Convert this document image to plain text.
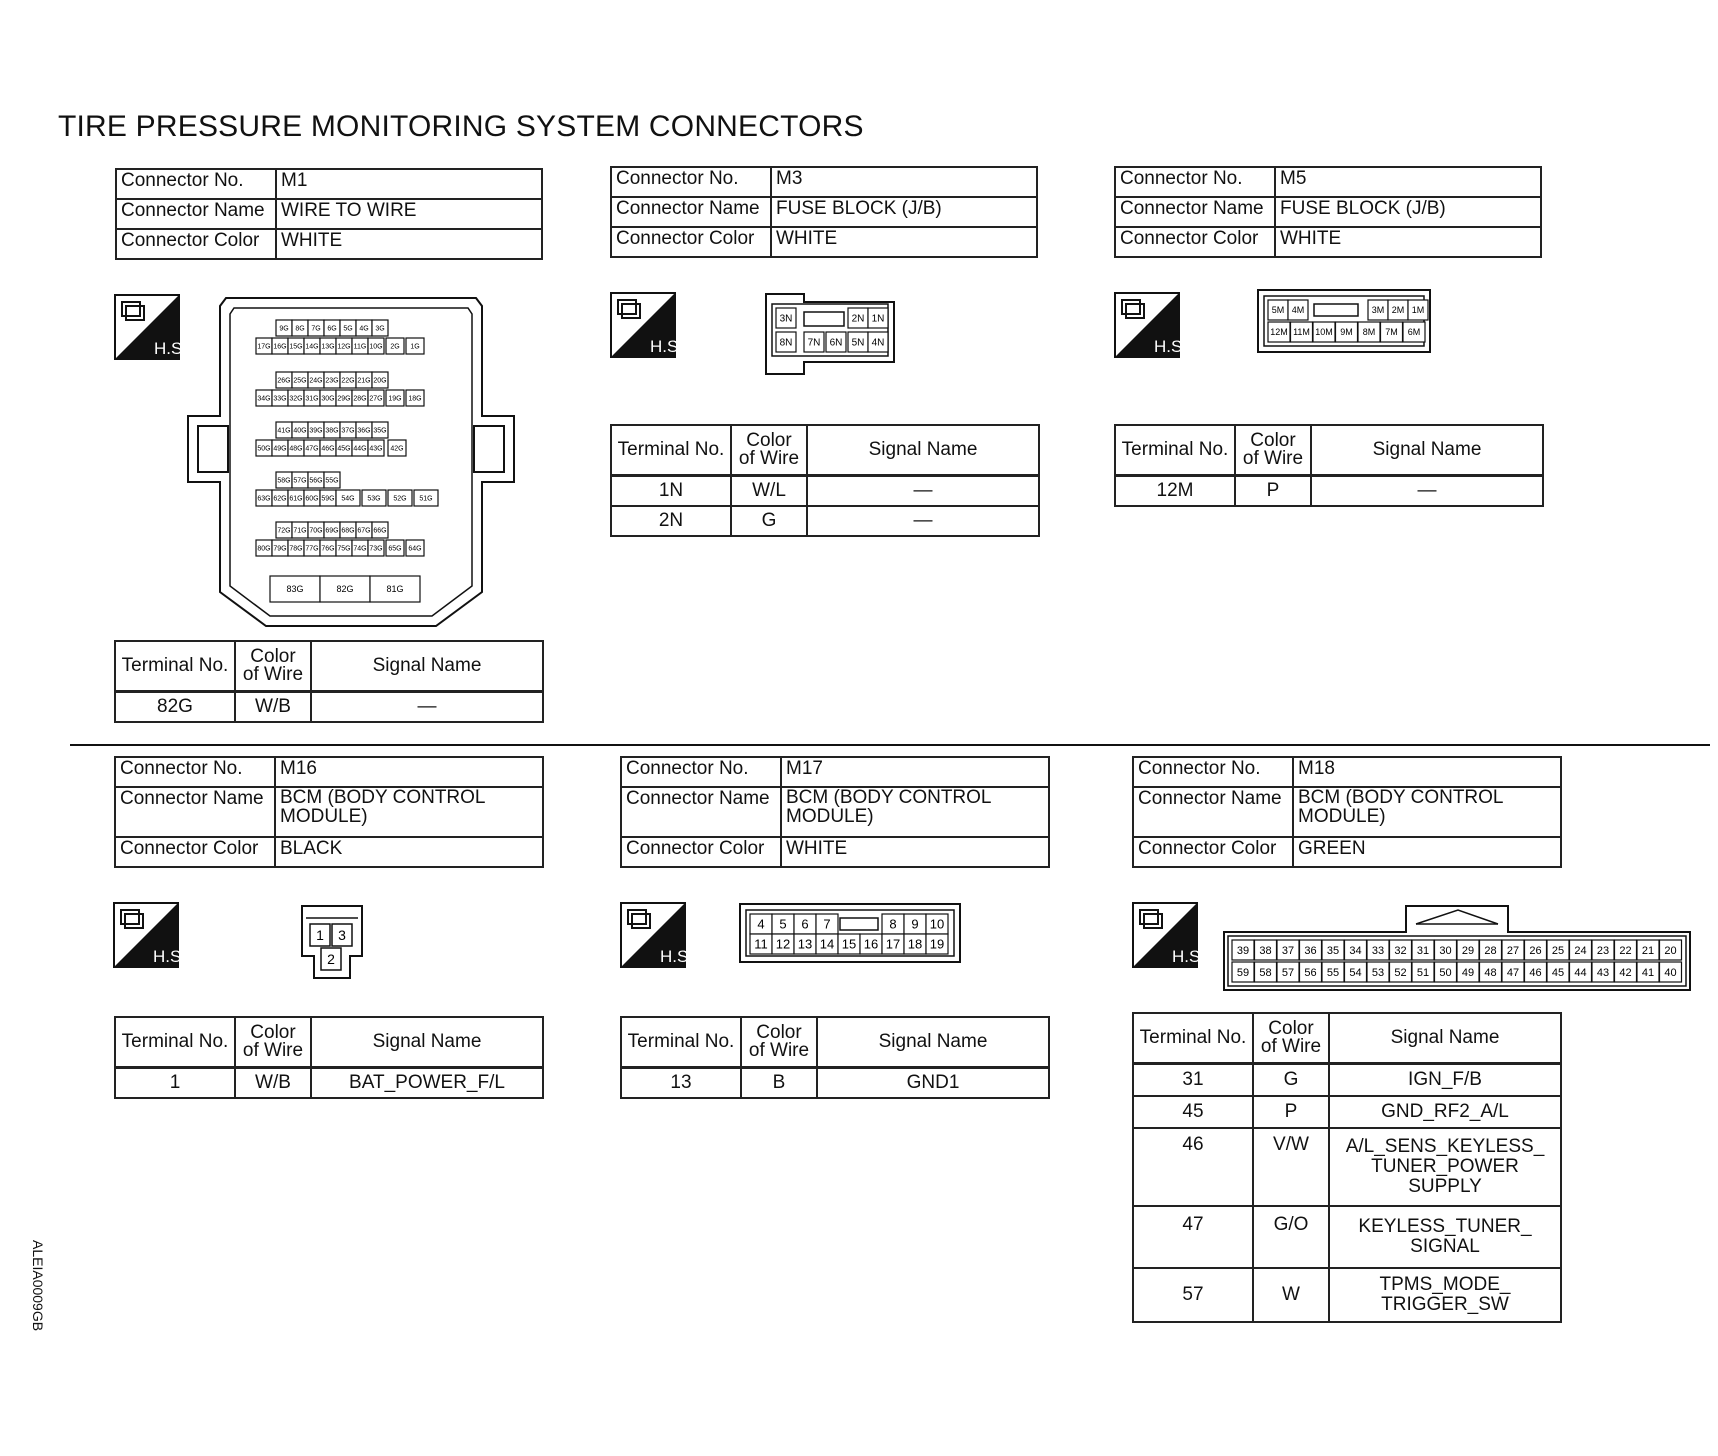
TIRE PRESSURE MONITORING SYSTEM CONNECTORS
ALEIA0009GB
Connector No.	M1
Connector Name	WIRE TO WIRE
Connector Color	WHITE
H.S.
9G 8G 7G 6G 5G 4G 3G
17G 16G 15G 14G 13G 12G 11G 10G 2G 1G
26G 25G 24G 23G 22G 21G 20G
34G 33G 32G 31G 30G 29G 28G 27G 19G 18G
41G 40G 39G 38G 37G 36G 35G
50G 49G 48G 47G 46G 45G 44G 43G 42G
58G 57G 56G 55G
63G 62G 61G 60G 59G 54G 53G 52G 51G
72G 71G 70G 69G 68G 67G 66G
80G 79G 78G 77G 76G 75G 74G 73G 65G 64G
83G	82G	81G
Terminal No.	Color of Wire	Signal Name
82G	W/B	—
Connector No.	M3
Connector Name	FUSE BLOCK (J/B)
Connector Color	WHITE
H.S.
3N	2N 1N
8N 7N 6N 5N 4N
Terminal No.	Color of Wire	Signal Name
1N	W/L	—
2N	G	—
Connector No.	M5
Connector Name	FUSE BLOCK (J/B)
Connector Color	WHITE
H.S.
5M 4M	3M 2M 1M
12M 11M 10M 9M 8M 7M 6M
Terminal No.	Color of Wire	Signal Name
12M	P	—
Connector No.	M16
Connector Name	BCM (BODY CONTROL MODULE)
Connector Color	BLACK
H.S.
1 3
2
Terminal No.	Color of Wire	Signal Name
1	W/B	BAT_POWER_F/L
Connector No.	M17
Connector Name	BCM (BODY CONTROL MODULE)
Connector Color	WHITE
H.S.
4 5 6 7	8 9 10
11 12 13 14 15 16 17 18 19
Terminal No.	Color of Wire	Signal Name
13	B	GND1
Connector No.	M18
Connector Name	BCM (BODY CONTROL MODULE)
Connector Color	GREEN
H.S.	39 38 37 36 35 34 33 32 31 30 29 28 27 26 25 24 23 22 21 20
59 58 57 56 55 54 53 52 51 50 49 48 47 46 45 44 43 42 41 40
Terminal No.	Color of Wire	Signal Name
31	G	IGN_F/B
45	P	GND_RF2_A/L
46	V/W	A/L_SENS_KEYLESS_ TUNER_POWER SUPPLY
47	G/O	KEYLESS_TUNER_ SIGNAL
57	W	TPMS_MODE_ TRIGGER_SW
